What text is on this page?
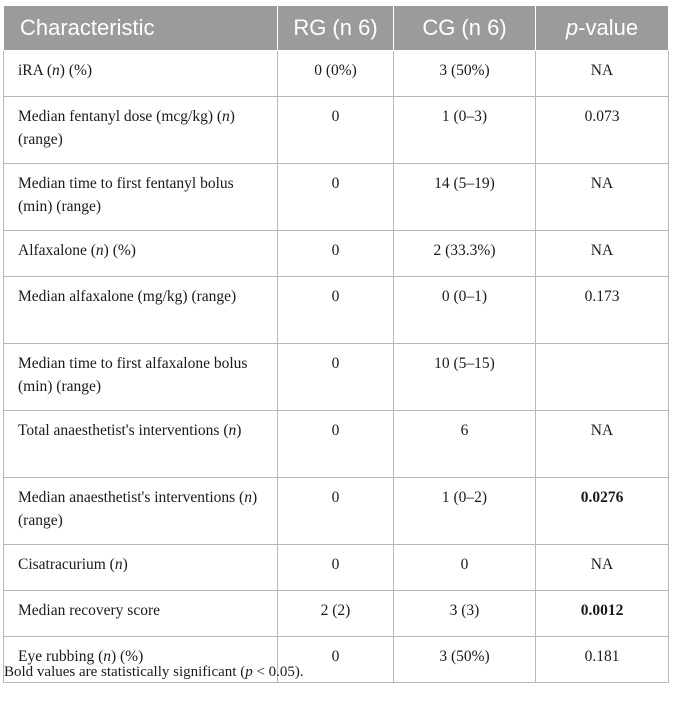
Characteristic	RG (n 6)	CG (n 6)	p-value
iRA (n) (%)	0 (0%)	3 (50%)	NA
Median fentanyl dose (mcg/kg) (n) (range)	0	1 (0–3)	0.073
Median time to first fentanyl bolus (min) (range)	0	14 (5–19)	NA
Alfaxalone (n) (%)	0	2 (33.3%)	NA
Median alfaxalone (mg/kg) (range)	0	0 (0–1)	0.173
Median time to first alfaxalone bolus (min) (range)	0	10 (5–15)	
Total anaesthetist's interventions (n)	0	6	NA
Median anaesthetist's interventions (n) (range)	0	1 (0–2)	0.0276
Cisatracurium (n)	0	0	NA
Median recovery score	2 (2)	3 (3)	0.0012
Eye rubbing (n) (%)	0	3 (50%)	0.181
Bold values are statistically significant (p < 0.05).
